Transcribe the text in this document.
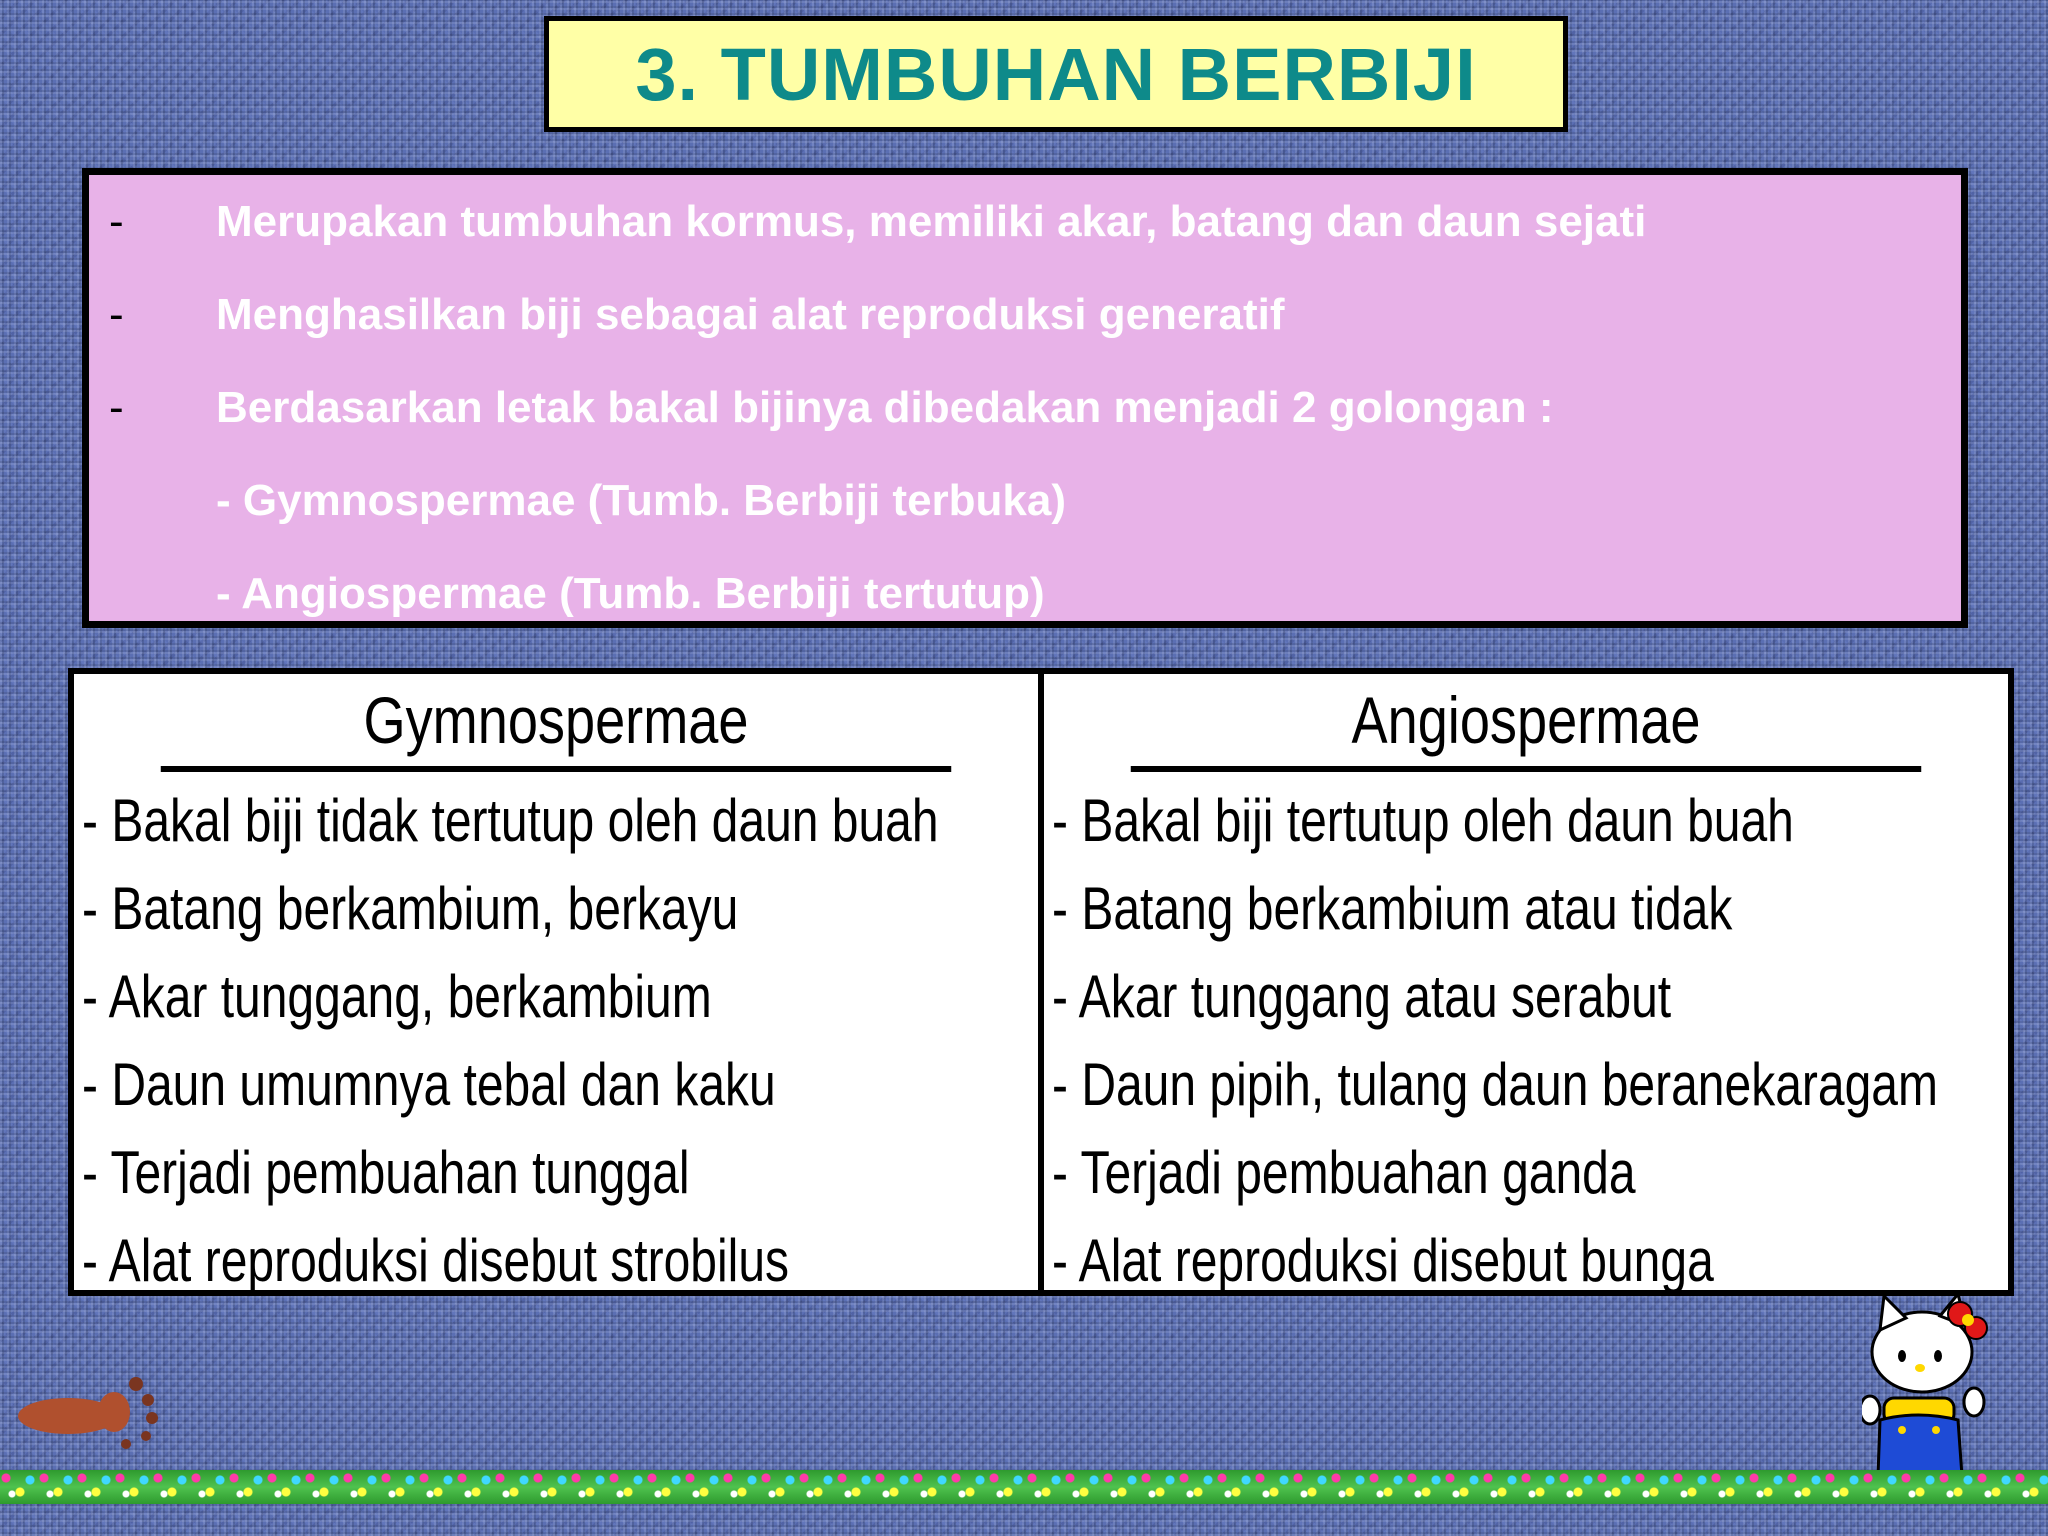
3. TUMBUHAN BERBIJI
- Merupakan tumbuhan kormus, memiliki akar, batang dan daun sejati
- Menghasilkan biji sebagai alat reproduksi generatif
- Berdasarkan letak bakal bijinya dibedakan menjadi 2 golongan :
- Gymnospermae (Tumb. Berbiji terbuka)
- Angiospermae (Tumb. Berbiji tertutup)
Gymnospermae
- Bakal biji tidak tertutup oleh daun buah
- Batang berkambium, berkayu
- Akar tunggang, berkambium
- Daun umumnya tebal dan kaku
- Terjadi pembuahan tunggal
- Alat reproduksi disebut strobilus
Angiospermae
- Bakal biji tertutup oleh daun buah
- Batang berkambium atau tidak
- Akar tunggang atau serabut
- Daun pipih, tulang daun beranekaragam
- Terjadi pembuahan ganda
- Alat reproduksi disebut bunga
